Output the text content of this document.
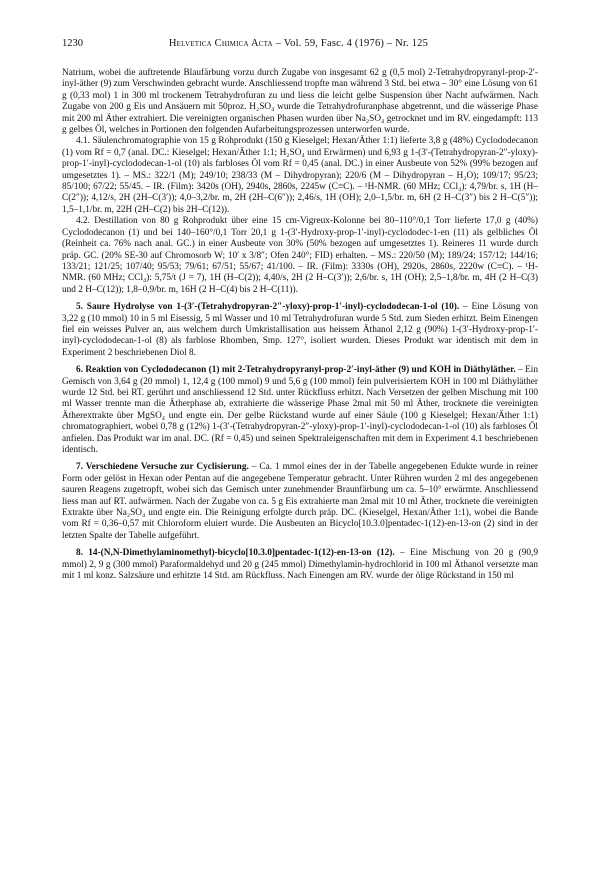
1230	Helvetica Chimica Acta – Vol. 59, Fasc. 4 (1976) – Nr. 125

Natrium, wobei die auftretende Blaufärbung vorzu durch Zugabe von insgesamt 62 g (0,5 mol) 2-Tetrahydropyranyl-prop-2′-inyl-äther (9) zum Verschwinden gebracht wurde. Anschliessend tropfte man während 3 Std. bei etwa – 30° eine Lösung von 61 g (0,33 mol) 1 in 300 ml trockenem Tetrahydrofuran zu und liess die leicht gelbe Suspension über Nacht aufwärmen. Nach Zugabe von 200 g Eis und Ansäuern mit 50proz. H₂SO₄ wurde die Tetrahydrofuranphase abgetrennt, und die wässerige Phase mit 200 ml Äther extrahiert. Die vereinigten organischen Phasen wurden über Na₂SO₄ getrocknet und im RV. eingedampft: 113 g gelbes Öl, welches in Portionen den folgenden Aufarbeitungsprozessen unterworfen wurde.

4.1. Säulenchromatographie von 15 g Rohprodukt (150 g Kieselgel; Hexan/Äther 1:1) lieferte 3,8 g (48%) Cyclododecanon (1) vom Rf = 0,7 (anal. DC.: Kieselgel; Hexan/Äther 1:1; H₂SO₄ und Erwärmen) und 6,93 g 1-(3′-(Tetrahydropyran-2″-yloxy)-prop-1′-inyl)-cyclododecan-1-ol (10) als farbloses Öl vom Rf = 0,45 (anal. DC.) in einer Ausbeute von 52% (99% bezogen auf umgesetztes 1). – MS.: 322/1 (M); 249/10; 238/33 (M – Dihydropyran); 220/6 (M – Dihydropyran – H₂O); 109/17; 95/23; 85/100; 67/22; 55/45. – IR. (Film): 3420s (OH), 2940s, 2860s, 2245w (C≡C). – ¹H-NMR. (60 MHz; CCl₄): 4,79/br. s, 1H (H–C(2″)); 4,12/s, 2H (2H–C(3′)); 4,0–3,2/br. m, 2H (2H–C(6″)); 2,46/s, 1H (OH); 2,0–1,5/br. m, 6H (2 H–C(3″) bis 2 H–C(5″)); 1,5–1,1/br. m, 22H (2H–C(2) bis 2H–C(12)).

4.2. Destillation von 80 g Rohprodukt über eine 15 cm-Vigreux-Kolonne bei 80–110°/0,1 Torr lieferte 17,0 g (40%) Cyclododecanon (1) und bei 140–160°/0,1 Torr 20,1 g 1-(3′-Hydroxy-prop-1′-inyl)-cyclododec-1-en (11) als gelbliches Öl (Reinheit ca. 76% nach anal. GC.) in einer Ausbeute von 30% (50% bezogen auf umgesetztes 1). Reineres 11 wurde durch präp. GC. (20% SE-30 auf Chromosorb W; 10′ x 3/8″; Ofen 240°; FID) erhalten. – MS.: 220/50 (M); 189/24; 157/12; 144/16; 133/21; 121/25; 107/40; 95/53; 79/61; 67/51; 55/67; 41/100. – IR. (Film): 3330s (OH), 2920s, 2860s, 2220w (C≡C). – ¹H-NMR. (60 MHz; CCl₄): 5,75/t (J = 7), 1H (H–C(2)); 4,40/s, 2H (2 H–C(3′)); 2,6/br. s, 1H (OH); 2,5–1,8/br. m, 4H (2 H–C(3) und 2 H–C(12)); 1,8–0,9/br. m, 16H (2 H–C(4) bis 2 H–C(11)).

5. Saure Hydrolyse von 1-(3′-(Tetrahydropyran-2″-yloxy)-prop-1′-inyl)-cyclododecan-1-ol (10). – Eine Lösung von 3,22 g (10 mmol) 10 in 5 ml Eisessig, 5 ml Wasser und 10 ml Tetrahydrofuran wurde 5 Std. zum Sieden erhitzt. Beim Einengen fiel ein weisses Pulver an, aus welchem durch Umkristallisation aus heissem Äthanol 2,12 g (90%) 1-(3′-Hydroxy-prop-1′-inyl)-cyclododecan-1-ol (8) als farblose Rhomben, Smp. 127°, isoliert wurden. Dieses Produkt war identisch mit dem in Experiment 2 beschriebenen Diol 8.

6. Reaktion von Cyclododecanon (1) mit 2-Tetrahydropyranyl-prop-2′-inyl-äther (9) und KOH in Diäthyläther. – Ein Gemisch von 3,64 g (20 mmol) 1, 12,4 g (100 mmol) 9 und 5,6 g (100 mmol) fein pulverisiertem KOH in 100 ml Diäthyläther wurde 12 Std. bei RT. gerührt und anschliessend 12 Std. unter Rückfluss erhitzt. Nach Versetzen der gelben Mischung mit 100 ml Wasser trennte man die Ätherphase ab, extrahierte die wässerige Phase 2mal mit 50 ml Äther, trocknete die vereinigten Ätherextrakte über MgSO₄ und engte ein. Der gelbe Rückstand wurde auf einer Säule (100 g Kieselgel; Hexan/Äther 1:1) chromatographiert, wobei 0,78 g (12%) 1-(3′-(Tetrahydropyran-2″-yloxy)-prop-1′-inyl)-cyclododecan-1-ol (10) als farbloses Öl anfielen. Das Produkt war im anal. DC. (Rf = 0,45) und seinen Spektraleigenschaften mit dem in Experiment 4.1 beschriebenen identisch.

7. Verschiedene Versuche zur Cyclisierung. – Ca. 1 mmol eines der in der Tabelle angegebenen Edukte wurde in reiner Form oder gelöst in Hexan oder Pentan auf die angegebene Temperatur gebracht. Unter Rühren wurden 2 ml des angegebenen sauren Reagens zugetropft, wobei sich das Gemisch unter zunehmender Braunfärbung um ca. 5–10° erwärmte. Anschliessend liess man auf RT. aufwärmen. Nach der Zugabe von ca. 5 g Eis extrahierte man 2mal mit 10 ml Äther, trocknete die vereinigten Extrakte über Na₂SO₄ und engte ein. Die Reinigung erfolgte durch präp. DC. (Kieselgel, Hexan/Äther 1:1), wobei die Bande vom Rf = 0,36–0,57 mit Chloroform eluiert wurde. Die Ausbeuten an Bicyclo[10.3.0]pentadec-1(12)-en-13-on (2) sind in der letzten Spalte der Tabelle aufgeführt.

8. 14-(N,N-Dimethylaminomethyl)-bicyclo[10.3.0]pentadec-1(12)-en-13-on (12). – Eine Mischung von 20 g (90,9 mmol) 2, 9 g (300 mmol) Paraformaldehyd und 20 g (245 mmol) Dimethylamin-hydrochlorid in 100 ml Äthanol versetzte man mit 1 ml konz. Salzsäure und erhitzte 14 Std. am Rückfluss. Nach Einengen am RV. wurde der ölige Rückstand in 150 ml
